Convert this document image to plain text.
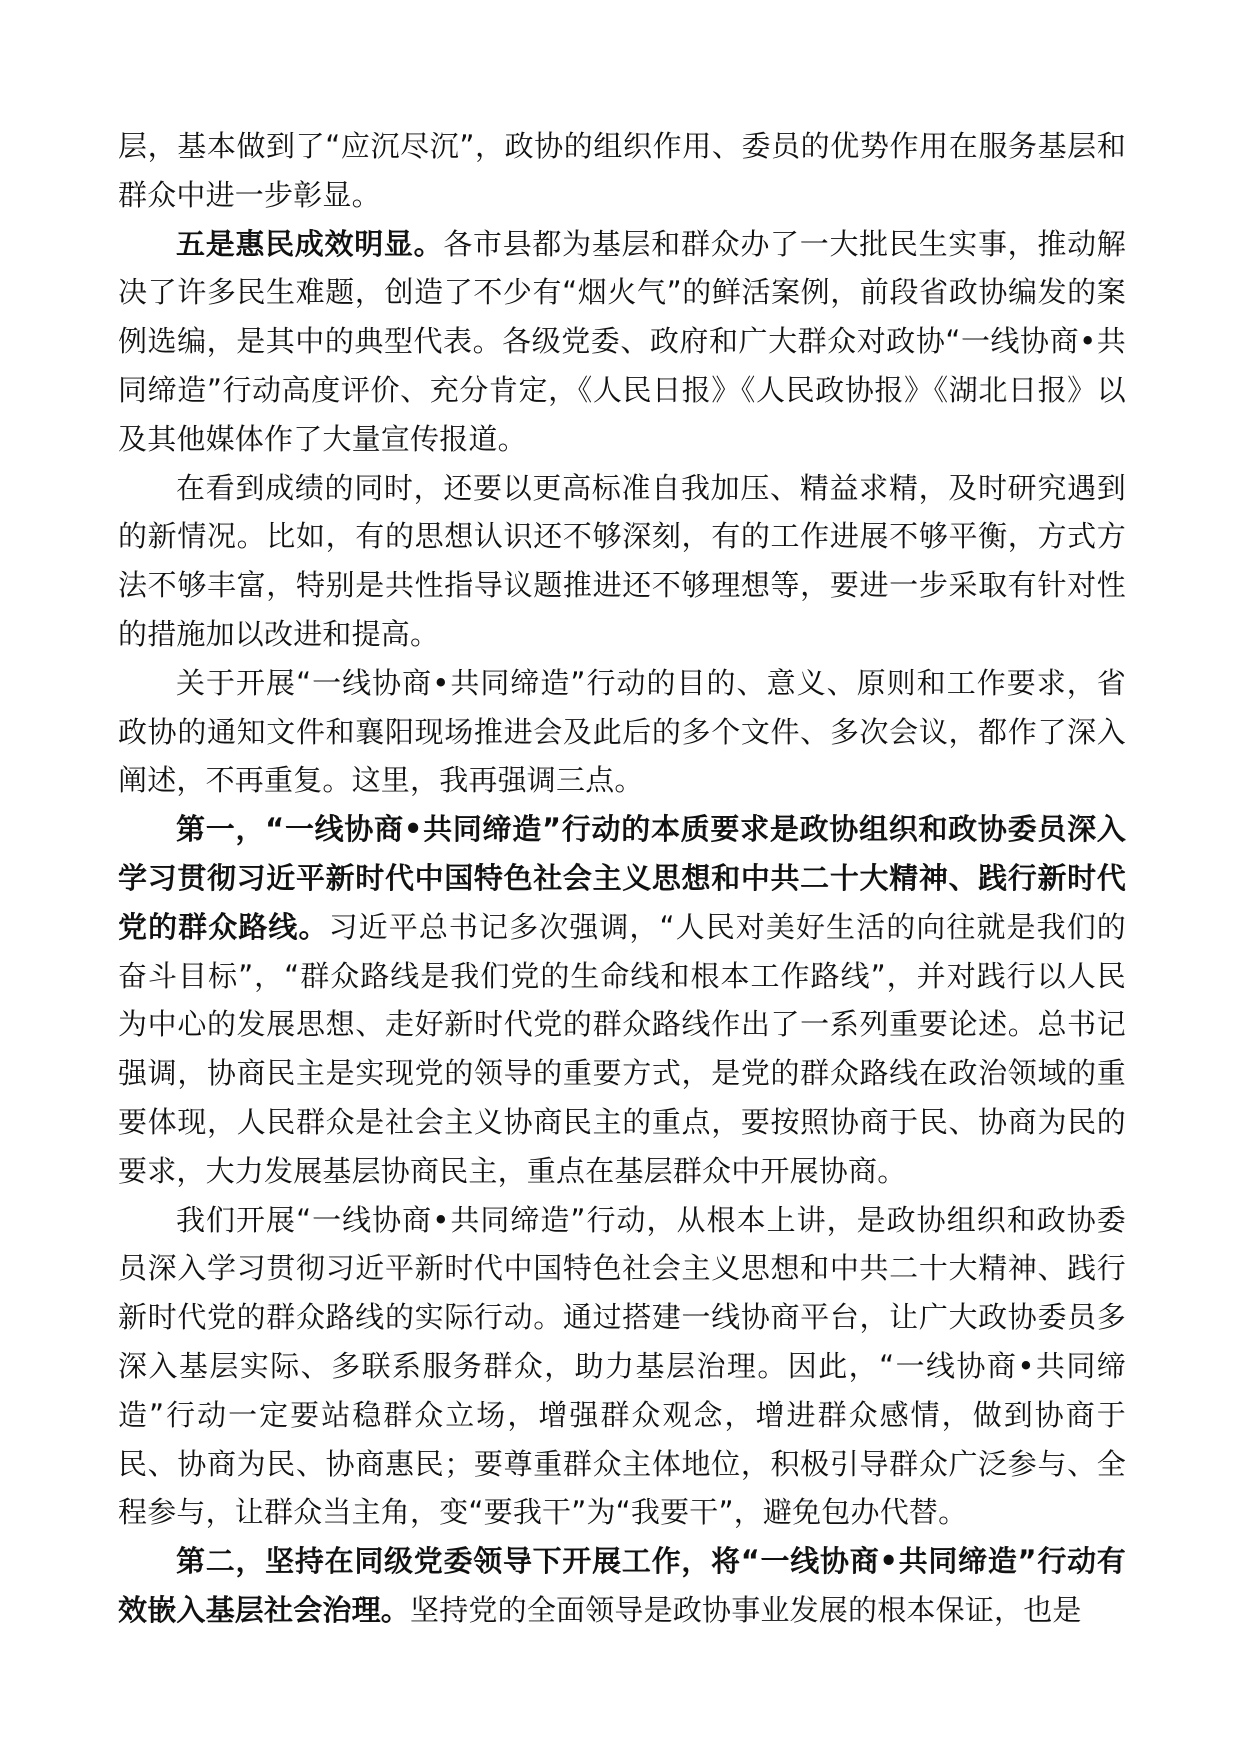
层，基本做到了“应沉尽沉”，政协的组织作用、委员的优势作用在服务基层和群众中进一步彰显。

五是惠民成效明显。各市县都为基层和群众办了一大批民生实事，推动解决了许多民生难题，创造了不少有“烟火气”的鲜活案例，前段省政协编发的案例选编，是其中的典型代表。各级党委、政府和广大群众对政协“一线协商•共同缔造”行动高度评价、充分肯定，《人民日报》《人民政协报》《湖北日报》以及其他媒体作了大量宣传报道。

在看到成绩的同时，还要以更高标准自我加压、精益求精，及时研究遇到的新情况。比如，有的思想认识还不够深刻，有的工作进展不够平衡，方式方法不够丰富，特别是共性指导议题推进还不够理想等，要进一步采取有针对性的措施加以改进和提高。

关于开展“一线协商•共同缔造”行动的目的、意义、原则和工作要求，省政协的通知文件和襄阳现场推进会及此后的多个文件、多次会议，都作了深入阐述，不再重复。这里，我再强调三点。

第一，“一线协商•共同缔造”行动的本质要求是政协组织和政协委员深入学习贯彻习近平新时代中国特色社会主义思想和中共二十大精神、践行新时代党的群众路线。习近平总书记多次强调，“人民对美好生活的向往就是我们的奋斗目标”，“群众路线是我们党的生命线和根本工作路线”，并对践行以人民为中心的发展思想、走好新时代党的群众路线作出了一系列重要论述。总书记强调，协商民主是实现党的领导的重要方式，是党的群众路线在政治领域的重要体现，人民群众是社会主义协商民主的重点，要按照协商于民、协商为民的要求，大力发展基层协商民主，重点在基层群众中开展协商。

我们开展“一线协商•共同缔造”行动，从根本上讲，是政协组织和政协委员深入学习贯彻习近平新时代中国特色社会主义思想和中共二十大精神、践行新时代党的群众路线的实际行动。通过搭建一线协商平台，让广大政协委员多深入基层实际、多联系服务群众，助力基层治理。因此，“一线协商•共同缔造”行动一定要站稳群众立场，增强群众观念，增进群众感情，做到协商于民、协商为民、协商惠民；要尊重群众主体地位，积极引导群众广泛参与、全程参与，让群众当主角，变“要我干”为“我要干”，避免包办代替。

第二，坚持在同级党委领导下开展工作，将“一线协商•共同缔造”行动有效嵌入基层社会治理。坚持党的全面领导是政协事业发展的根本保证，也是
